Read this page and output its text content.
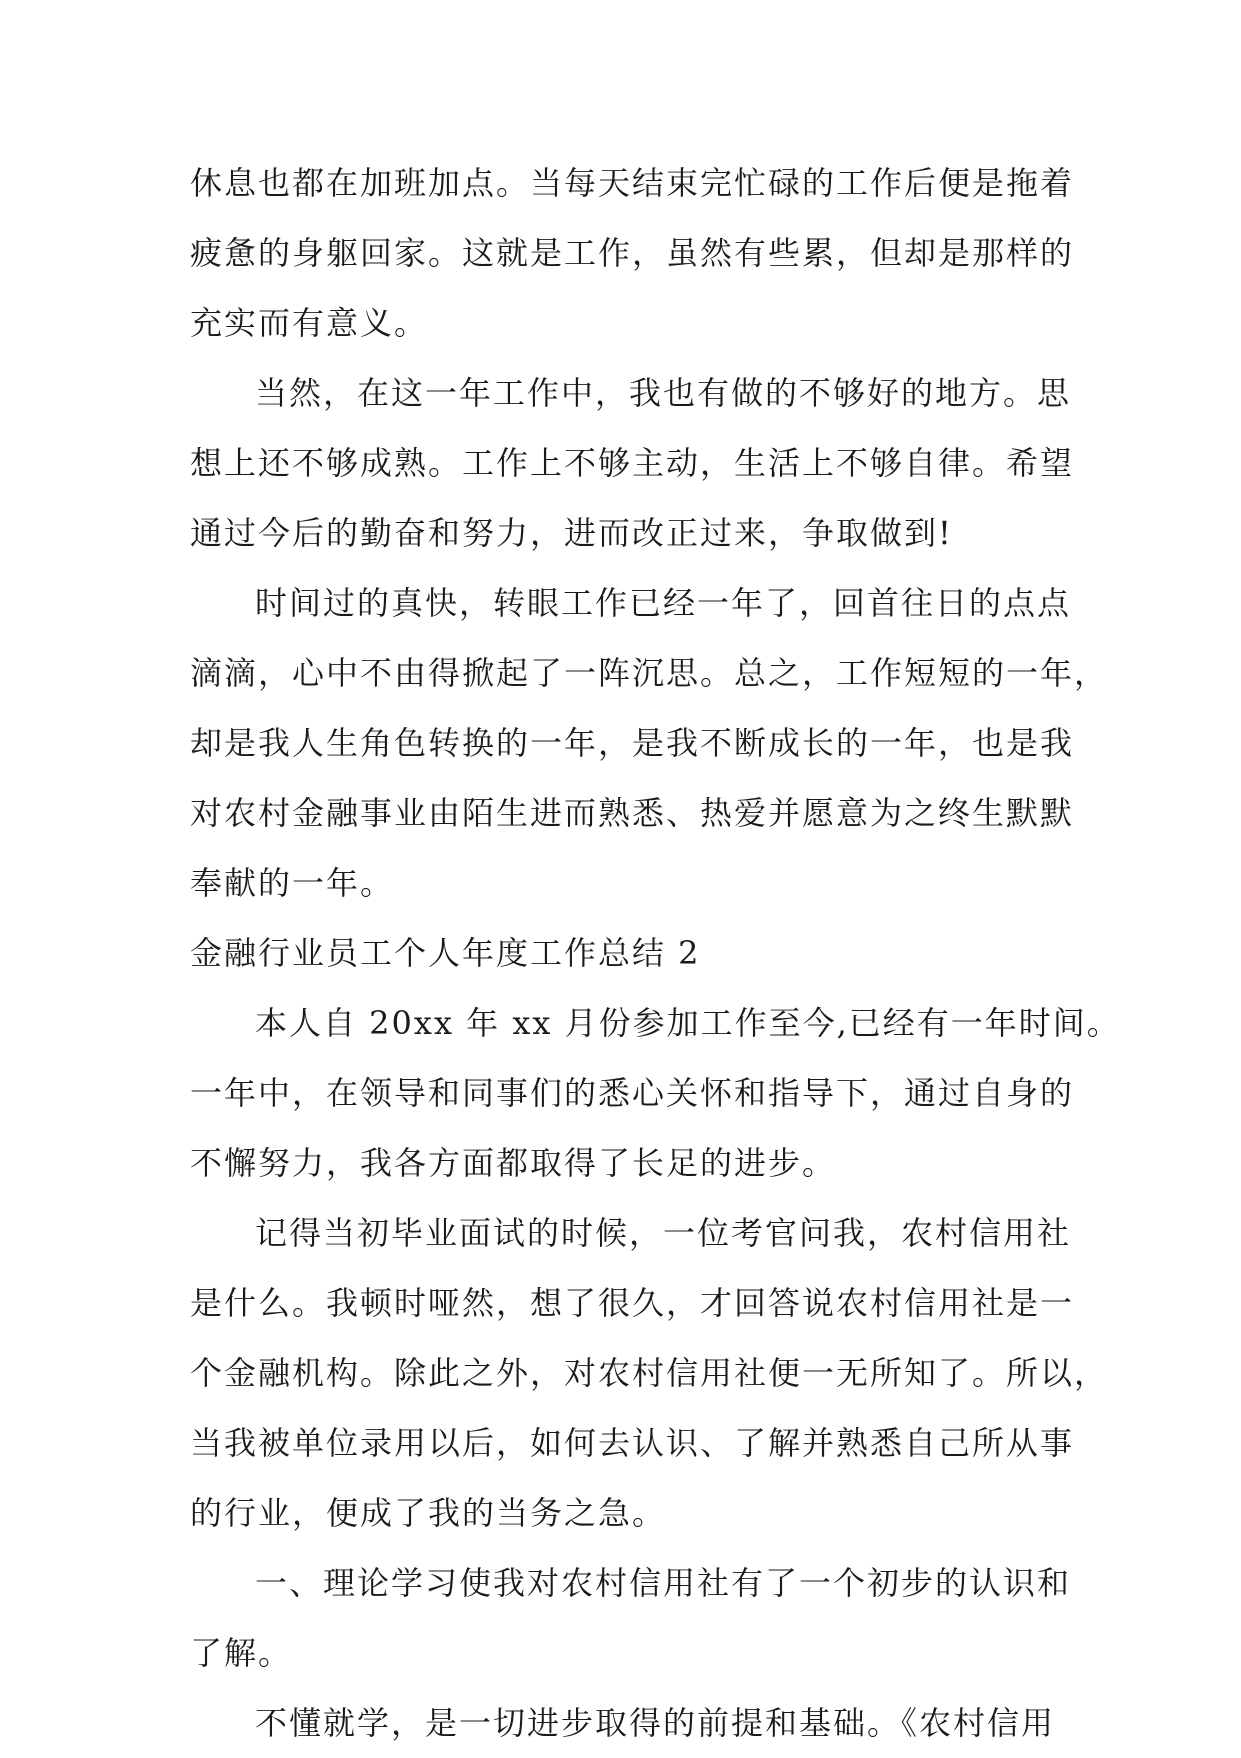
休息也都在加班加点。当每天结束完忙碌的工作后便是拖着
疲惫的身躯回家。这就是工作，虽然有些累，但却是那样的
充实而有意义。
当然，在这一年工作中，我也有做的不够好的地方。思
想上还不够成熟。工作上不够主动，生活上不够自律。希望
通过今后的勤奋和努力，进而改正过来，争取做到!
时间过的真快，转眼工作已经一年了，回首往日的点点
滴滴，心中不由得掀起了一阵沉思。总之，工作短短的一年，
却是我人生角色转换的一年，是我不断成长的一年，也是我
对农村金融事业由陌生进而熟悉、热爱并愿意为之终生默默
奉献的一年。
金融行业员工个人年度工作总结 2
本人自 20xx 年 xx 月份参加工作至今,已经有一年时间。
一年中，在领导和同事们的悉心关怀和指导下，通过自身的
不懈努力，我各方面都取得了长足的进步。
记得当初毕业面试的时候，一位考官问我，农村信用社
是什么。我顿时哑然，想了很久，才回答说农村信用社是一
个金融机构。除此之外，对农村信用社便一无所知了。所以，
当我被单位录用以后，如何去认识、了解并熟悉自己所从事
的行业，便成了我的当务之急。
一、理论学习使我对农村信用社有了一个初步的认识和
了解。
不懂就学，是一切进步取得的前提和基础。《农村信用
